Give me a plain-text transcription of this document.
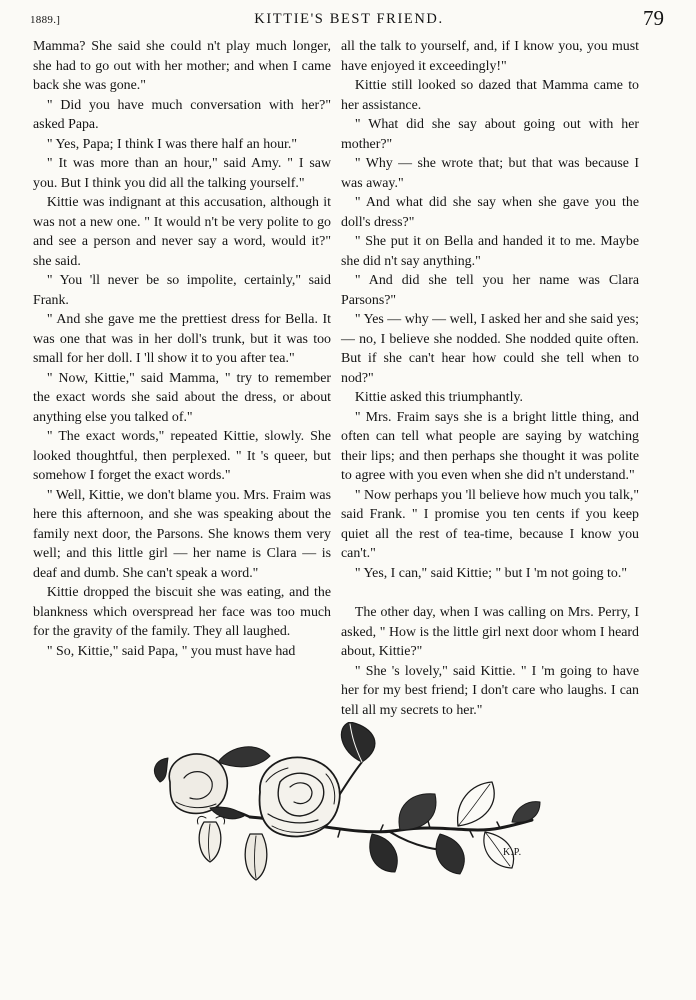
1889.]	KITTIE'S BEST FRIEND.	79

Mamma? She said she could n't play much longer, she had to go out with her mother; and when I came back she was gone."

" Did you have much conversation with her?" asked Papa.

" Yes, Papa; I think I was there half an hour."

" It was more than an hour," said Amy. " I saw you. But I think you did all the talking yourself."

Kittie was indignant at this accusation, although it was not a new one. " It would n't be very polite to go and see a person and never say a word, would it?" she said.

" You 'll never be so impolite, certainly," said Frank.

" And she gave me the prettiest dress for Bella. It was one that was in her doll's trunk, but it was too small for her doll. I 'll show it to you after tea."

" Now, Kittie," said Mamma, " try to remember the exact words she said about the dress, or about anything else you talked of."

" The exact words," repeated Kittie, slowly. She looked thoughtful, then perplexed. " It 's queer, but somehow I forget the exact words."

" Well, Kittie, we don't blame you. Mrs. Fraim was here this afternoon, and she was speaking about the family next door, the Parsons. She knows them very well; and this little girl — her name is Clara — is deaf and dumb. She can't speak a word."

Kittie dropped the biscuit she was eating, and the blankness which overspread her face was too much for the gravity of the family. They all laughed.

" So, Kittie," said Papa, " you must have had

all the talk to yourself, and, if I know you, you must have enjoyed it exceedingly!"

Kittie still looked so dazed that Mamma came to her assistance.

" What did she say about going out with her mother?"

" Why — she wrote that; but that was because I was away."

" And what did she say when she gave you the doll's dress?"

" She put it on Bella and handed it to me. Maybe she did n't say anything."

" And did she tell you her name was Clara Parsons?"

" Yes — why — well, I asked her and she said yes; — no, I believe she nodded. She nodded quite often. But if she can't hear how could she tell when to nod?"

Kittie asked this triumphantly.

" Mrs. Fraim says she is a bright little thing, and often can tell what people are saying by watching their lips; and then perhaps she thought it was polite to agree with you even when she did n't understand."

" Now perhaps you 'll believe how much you talk," said Frank. " I promise you ten cents if you keep quiet all the rest of tea-time, because I know you can't."

" Yes, I can," said Kittie; " but I 'm not going to."

The other day, when I was calling on Mrs. Perry, I asked, " How is the little girl next door whom I heard about, Kittie?"

" She 's lovely," said Kittie. " I 'm going to have her for my best friend; I don't care who laughs. I can tell all my secrets to her."

K.P.
